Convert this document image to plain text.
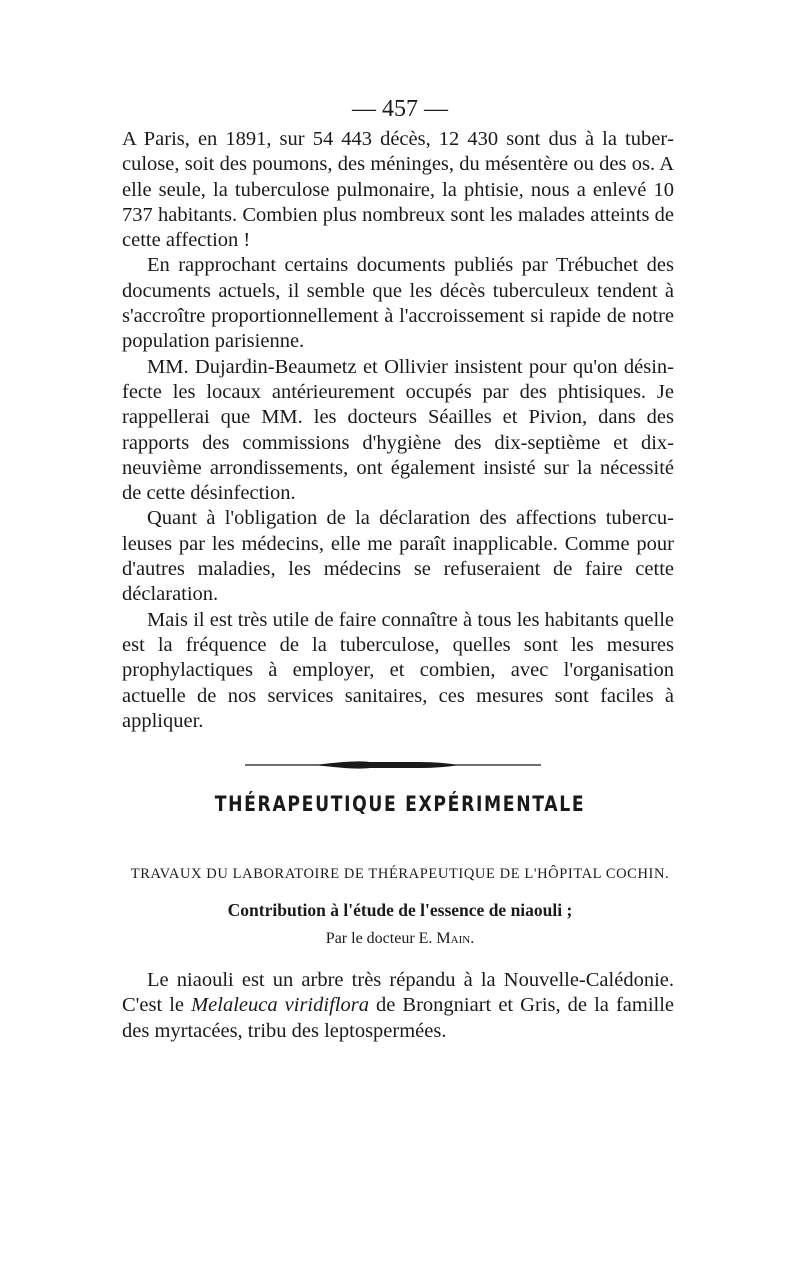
— 457 —

A Paris, en 1891, sur 54 443 décès, 12 430 sont dus à la tuberculose, soit des poumons, des méninges, du mésentère ou des os. A elle seule, la tuberculose pulmonaire, la phtisie, nous a enlevé 10 737 habitants. Combien plus nombreux sont les malades atteints de cette affection !

En rapprochant certains documents publiés par Trébuchet des documents actuels, il semble que les décès tuberculeux tendent à s'accroître proportionnellement à l'accroissement si rapide de notre population parisienne.

MM. Dujardin-Beaumetz et Ollivier insistent pour qu'on désinfecte les locaux antérieurement occupés par des phtisiques. Je rappellerai que MM. les docteurs Séailles et Pivion, dans des rapports des commissions d'hygiène des dix-septième et dixneuvième arrondissements, ont également insisté sur la nécessité de cette désinfection.

Quant à l'obligation de la déclaration des affections tuberculeuses par les médecins, elle me paraît inapplicable. Comme pour d'autres maladies, les médecins se refuseraient de faire cette déclaration.

Mais il est très utile de faire connaître à tous les habitants quelle est la fréquence de la tuberculose, quelles sont les mesures prophylactiques à employer, et combien, avec l'organisation actuelle de nos services sanitaires, ces mesures sont faciles à appliquer.

THÉRAPEUTIQUE EXPÉRIMENTALE
TRAVAUX DU LABORATOIRE DE THÉRAPEUTIQUE DE L'HÔPITAL COCHIN.
Contribution à l'étude de l'essence de niaouli ;
Par le docteur E. Main.

Le niaouli est un arbre très répandu à la Nouvelle-Calédonie. C'est le Melaleuca viridiflora de Brongniart et Gris, de la famille des myrtacées, tribu des leptospermées.
